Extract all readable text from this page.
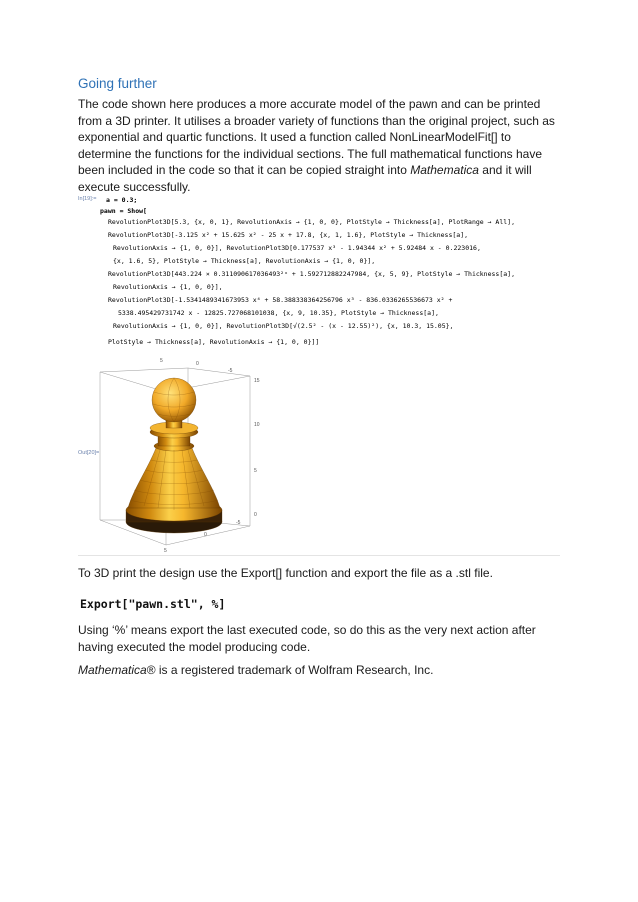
Going further
The code shown here produces a more accurate model of the pawn and can be printed from a 3D printer. It utilises a broader variety of functions than the original project, such as exponential and quartic functions. It used a function called NonLinearModelFit[] to determine the functions for the individual sections. The full mathematical functions have been included in the code so that it can be copied straight into Mathematica and it will execute successfully.
In[19]:= a = 0.3;
pawn = Show[
RevolutionPlot3D[5.3, {x, 0, 1}, RevolutionAxis → {1, 0, 0}, PlotStyle → Thickness[a], PlotRange → All],
RevolutionPlot3D[-3.125 x² + 15.625 x² - 25 x + 17.8, {x, 1, 1.6}, PlotStyle → Thickness[a],
RevolutionAxis → {1, 0, 0}], RevolutionPlot3D[0.177537 x³ - 1.94344 x² + 5.92484 x - 0.223016,
{x, 1.6, 5}, PlotStyle → Thickness[a], RevolutionAxis → {1, 0, 0}],
RevolutionPlot3D[443.224 × 0.311090617036493²ˣ + 1.592712882247984, {x, 5, 9}, PlotStyle → Thickness[a],
RevolutionAxis → {1, 0, 0}],
RevolutionPlot3D[-1.5341489341673953 x⁴ + 58.388338364256796 x³ - 836.0336265536673 x² +
5338.495429731742 x - 12825.727068101038, {x, 9, 10.35}, PlotStyle → Thickness[a],
RevolutionAxis → {1, 0, 0}], RevolutionPlot3D[√(2.5² - (x - 12.55)²), {x, 10.3, 15.05},
PlotStyle → Thickness[a], RevolutionAxis → {1, 0, 0}]]
Out[20]=
5	0
-5
15
10
5
0
-5
0
5
To 3D print the design use the Export[] function and export the file as a .stl file.
Export["pawn.stl", %]
Using ‘%’ means export the last executed code, so do this as the very next action after having executed the model producing code.
Mathematica® is a registered trademark of Wolfram Research, Inc.
